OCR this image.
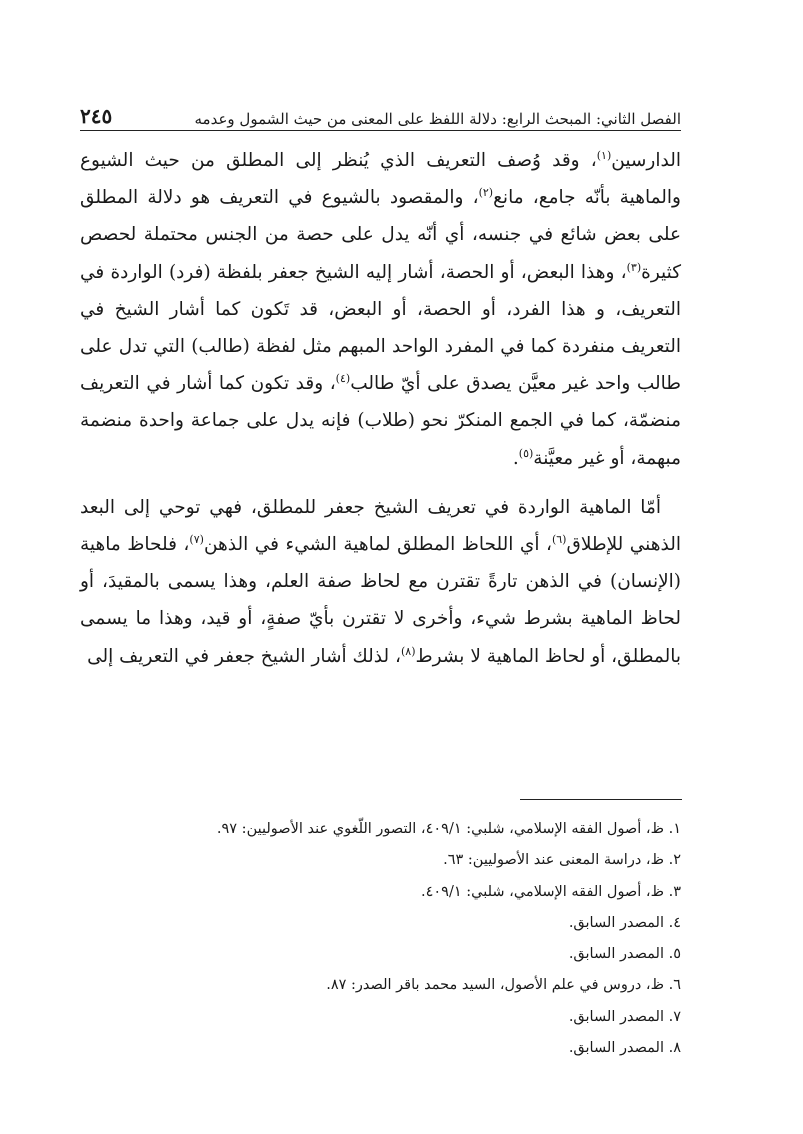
الفصل الثاني: المبحث الرابع: دلالة اللفظ على المعنى من حيث الشمول وعدمه
٢٤٥

الدارسين$^{(١)}$، وقد وُصف التعريف الذي يُنظر إلى المطلق من حيث الشيوع والماهية بأنّه جامع، مانع$^{(٢)}$، والمقصود بالشيوع في التعريف هو دلالة المطلق على بعض شائع في جنسه، أي أنّه يدل على حصة من الجنس محتملة لحصص كثيرة$^{(٣)}$، وهذا البعض، أو الحصة، أشار إليه الشيخ جعفر بلفظة (فرد) الواردة في التعريف، و هذا الفرد، أو الحصة، أو البعض، قد تَكون كما أشار الشيخ في التعريف منفردة كما في المفرد الواحد المبهم مثل لفظة (طالب) التي تدل على طالب واحد غير معيَّن يصدق على أيّ طالب$^{(٤)}$، وقد تكون كما أشار في التعريف منضمّة، كما في الجمع المنكرّ نحو (طلاب) فإنه يدل على جماعة واحدة منضمة مبهمة، أو غير معيَّنة$^{(٥)}$.

أمّا الماهية الواردة في تعريف الشيخ جعفر للمطلق، فهي توحي إلى البعد الذهني للإطلاق$^{(٦)}$، أي اللحاظ المطلق لماهية الشيء في الذهن$^{(٧)}$، فلحاظ ماهية (الإنسان) في الذهن تارةً تقترن مع لحاظ صفة العلم، وهذا يسمى بالمقيدَ، أو لحاظ الماهية بشرط شيء، وأخرى لا تقترن بأيّ صفةٍ، أو قيد، وهذا ما يسمى بالمطلق، أو لحاظ الماهية لا بشرط$^{(٨)}$، لذلك أشار الشيخ جعفر في التعريف إلى

١. ظ، أصول الفقه الإسلامي، شلبي: ٤٠٩/١، التصور اللّغوي عند الأصوليين: ٩٧.
٢. ظ، دراسة المعنى عند الأصوليين: ٦٣.
٣. ظ، أصول الفقه الإسلامي، شلبي: ٤٠٩/١.
٤. المصدر السابق.
٥. المصدر السابق.
٦. ظ، دروس في علم الأصول، السيد محمد باقر الصدر: ٨٧.
٧. المصدر السابق.
٨. المصدر السابق.
